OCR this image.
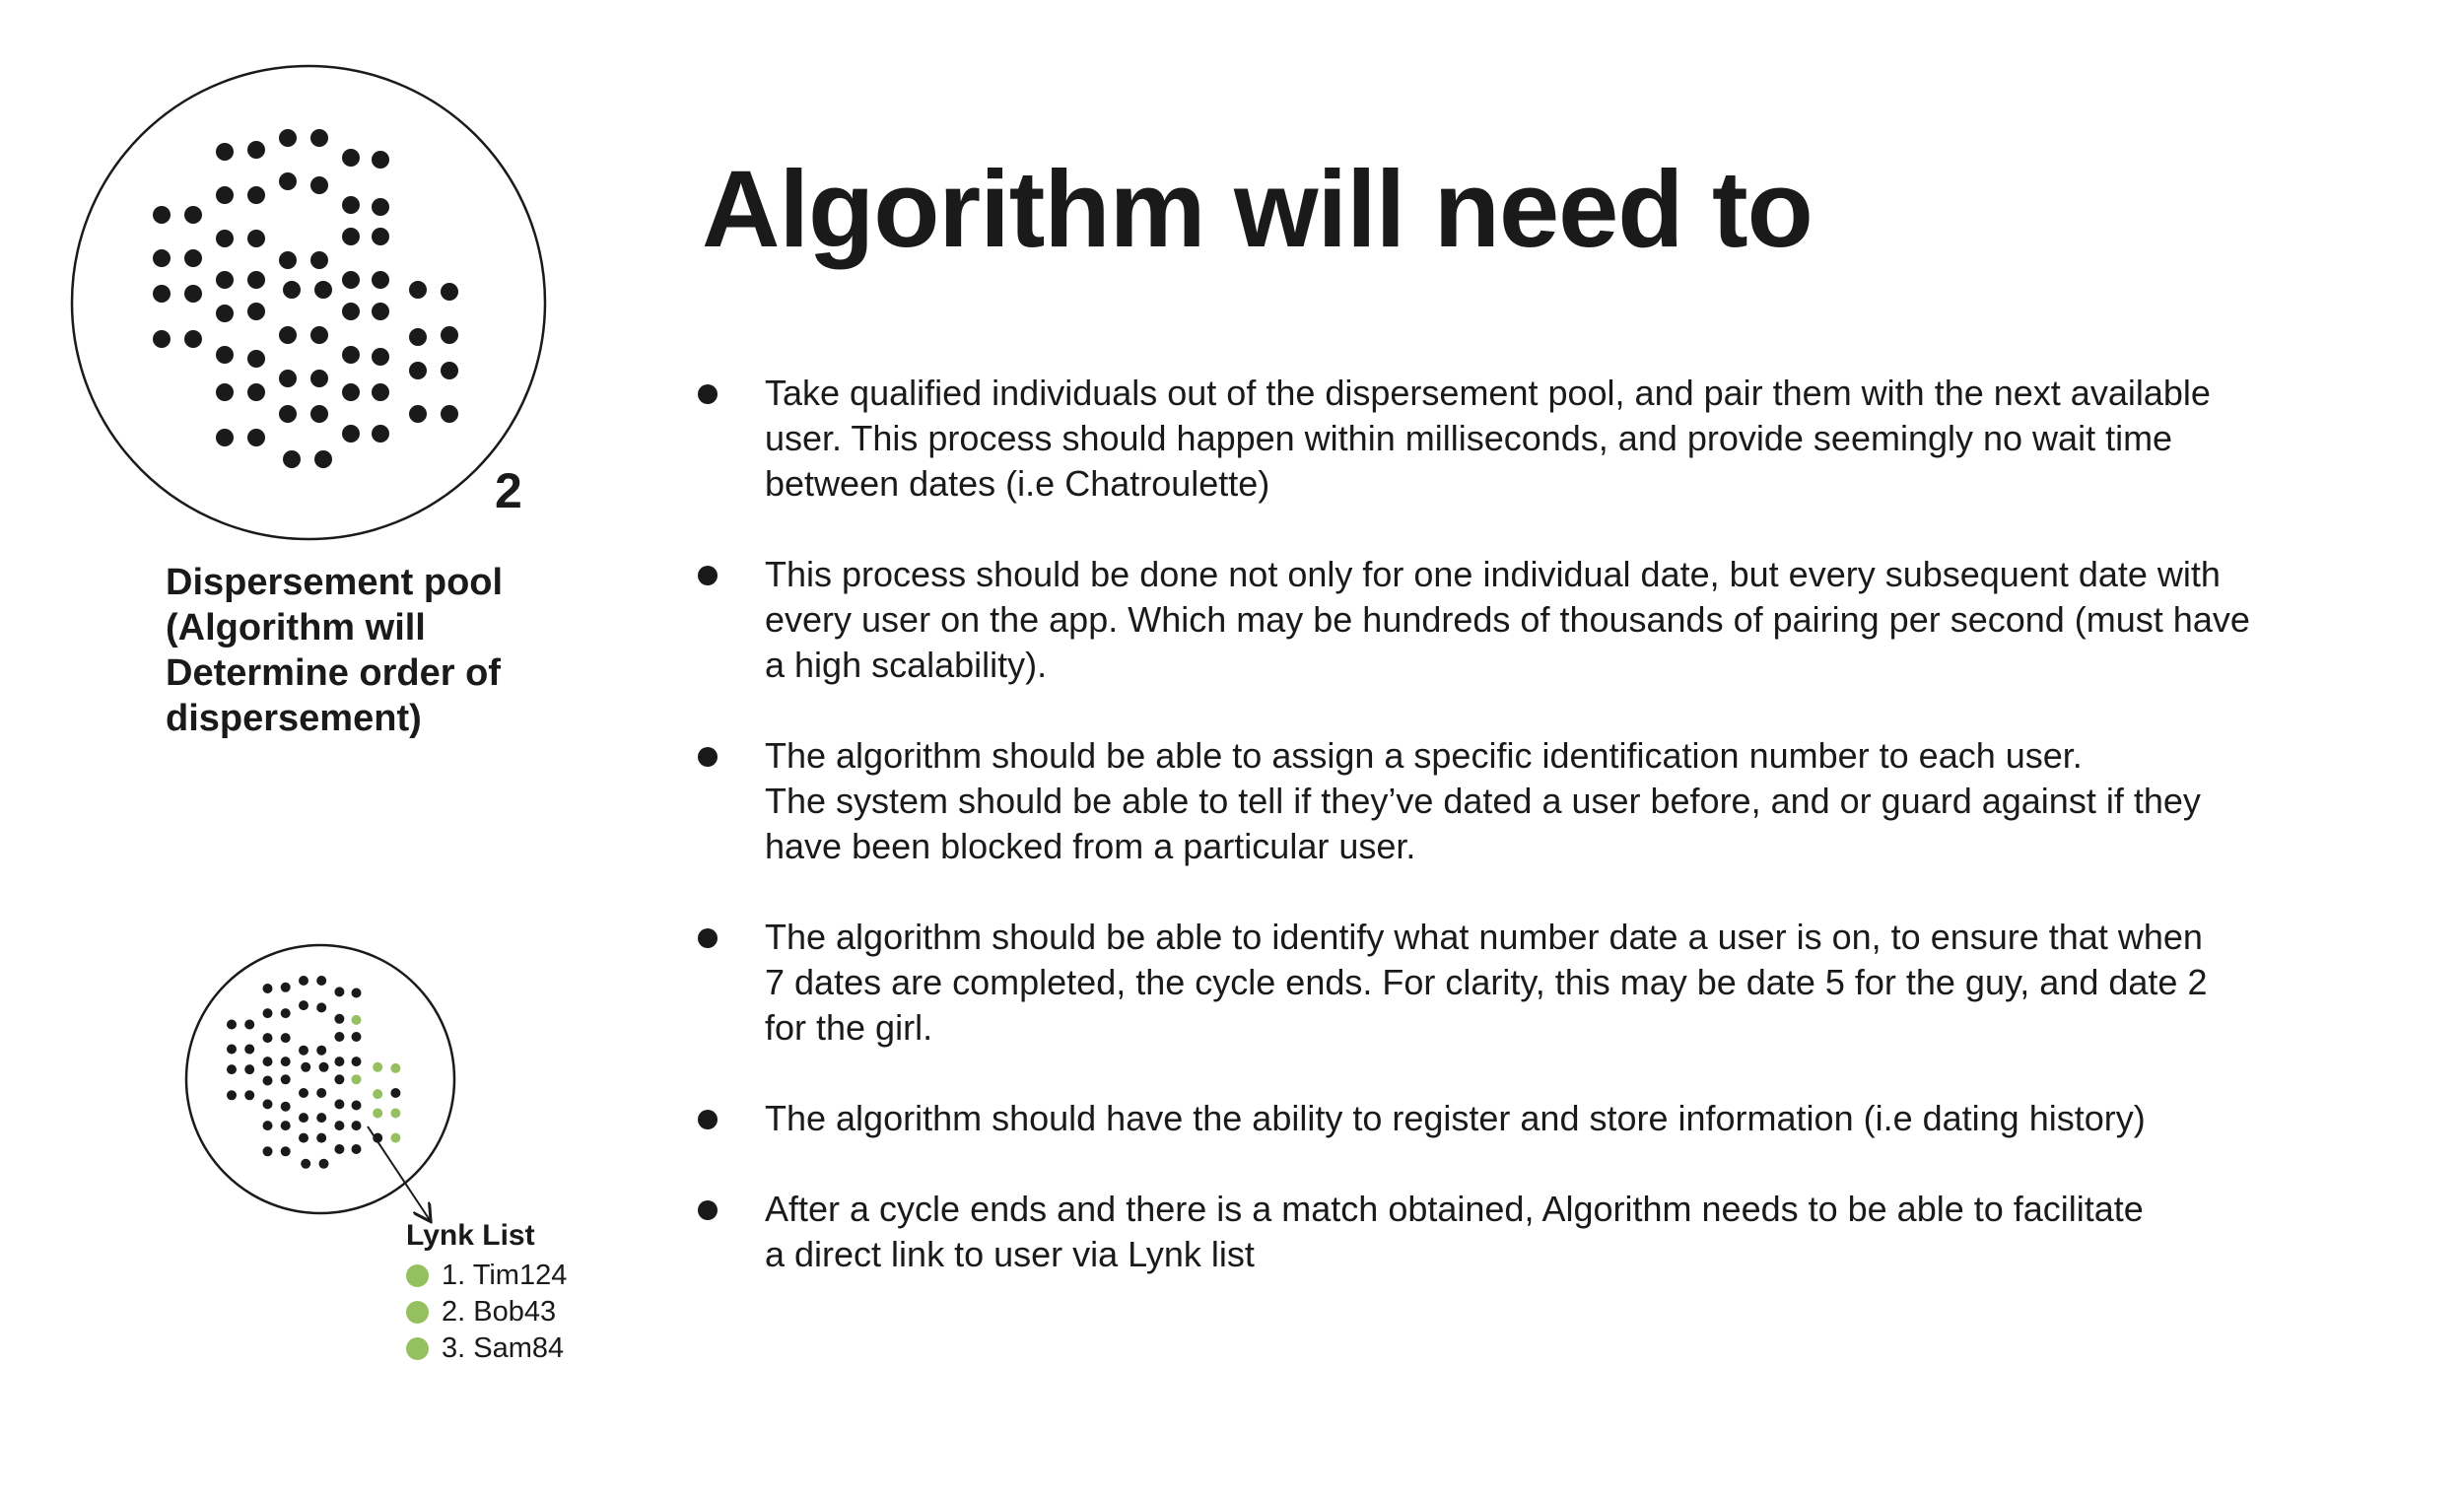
2
Dispersement pool
(Algorithm will
Determine order of
dispersement)
Algorithm will need to
Take qualified individuals out of the dispersement pool, and pair them with the next available
user. This process should happen within milliseconds, and provide seemingly no wait time
between dates (i.e Chatroulette)
This process should be done not only for one individual date, but every subsequent date with
every user on the app. Which may be hundreds of thousands of pairing per second (must have
a high scalability).
The algorithm should be able to assign a specific identification number to each user.
The system should be able to tell if they’ve dated a user before, and or guard against if they
have been blocked from a particular user.
The algorithm should be able to identify what number date a user is on, to ensure that when
7 dates are completed, the cycle ends. For clarity, this may be date 5 for the guy, and date 2
for the girl.
The algorithm should have the ability to register and store information (i.e dating history)
After a cycle ends and there is a match obtained, Algorithm needs to be able to facilitate
a direct link to user via Lynk list
Lynk List
1. Tim124
2. Bob43
3. Sam84
